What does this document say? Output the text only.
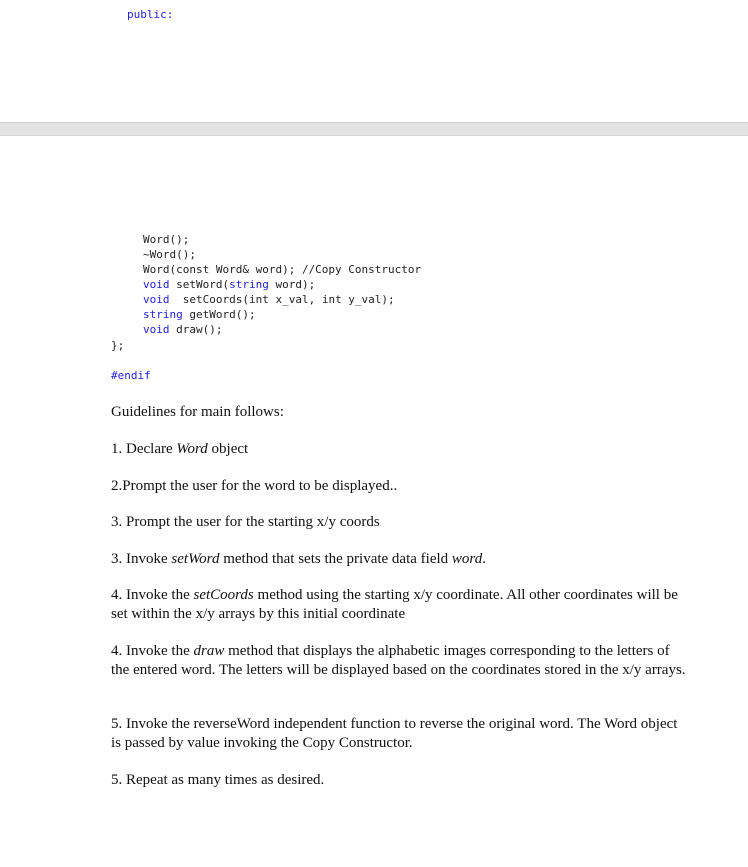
public:
Word();
~Word();
Word(const Word& word); //Copy Constructor
void setWord(string word);
void  setCoords(int x_val, int y_val);
string getWord();
void draw();
};
#endif
Guidelines for main follows:
1. Declare Word object
2.Prompt the user for the word to be displayed..
3. Prompt the user for the starting x/y coords
3. Invoke setWord method that sets the private data field word.
4. Invoke the setCoords method using the starting x/y coordinate. All other coordinates will be set within the x/y arrays by this initial coordinate
4. Invoke the draw method that displays the alphabetic images corresponding to the letters of the entered word. The letters will be displayed based on the coordinates stored in the x/y arrays.
5. Invoke the reverseWord independent function to reverse the original word. The Word object is passed by value invoking the Copy Constructor.
5. Repeat as many times as desired.
